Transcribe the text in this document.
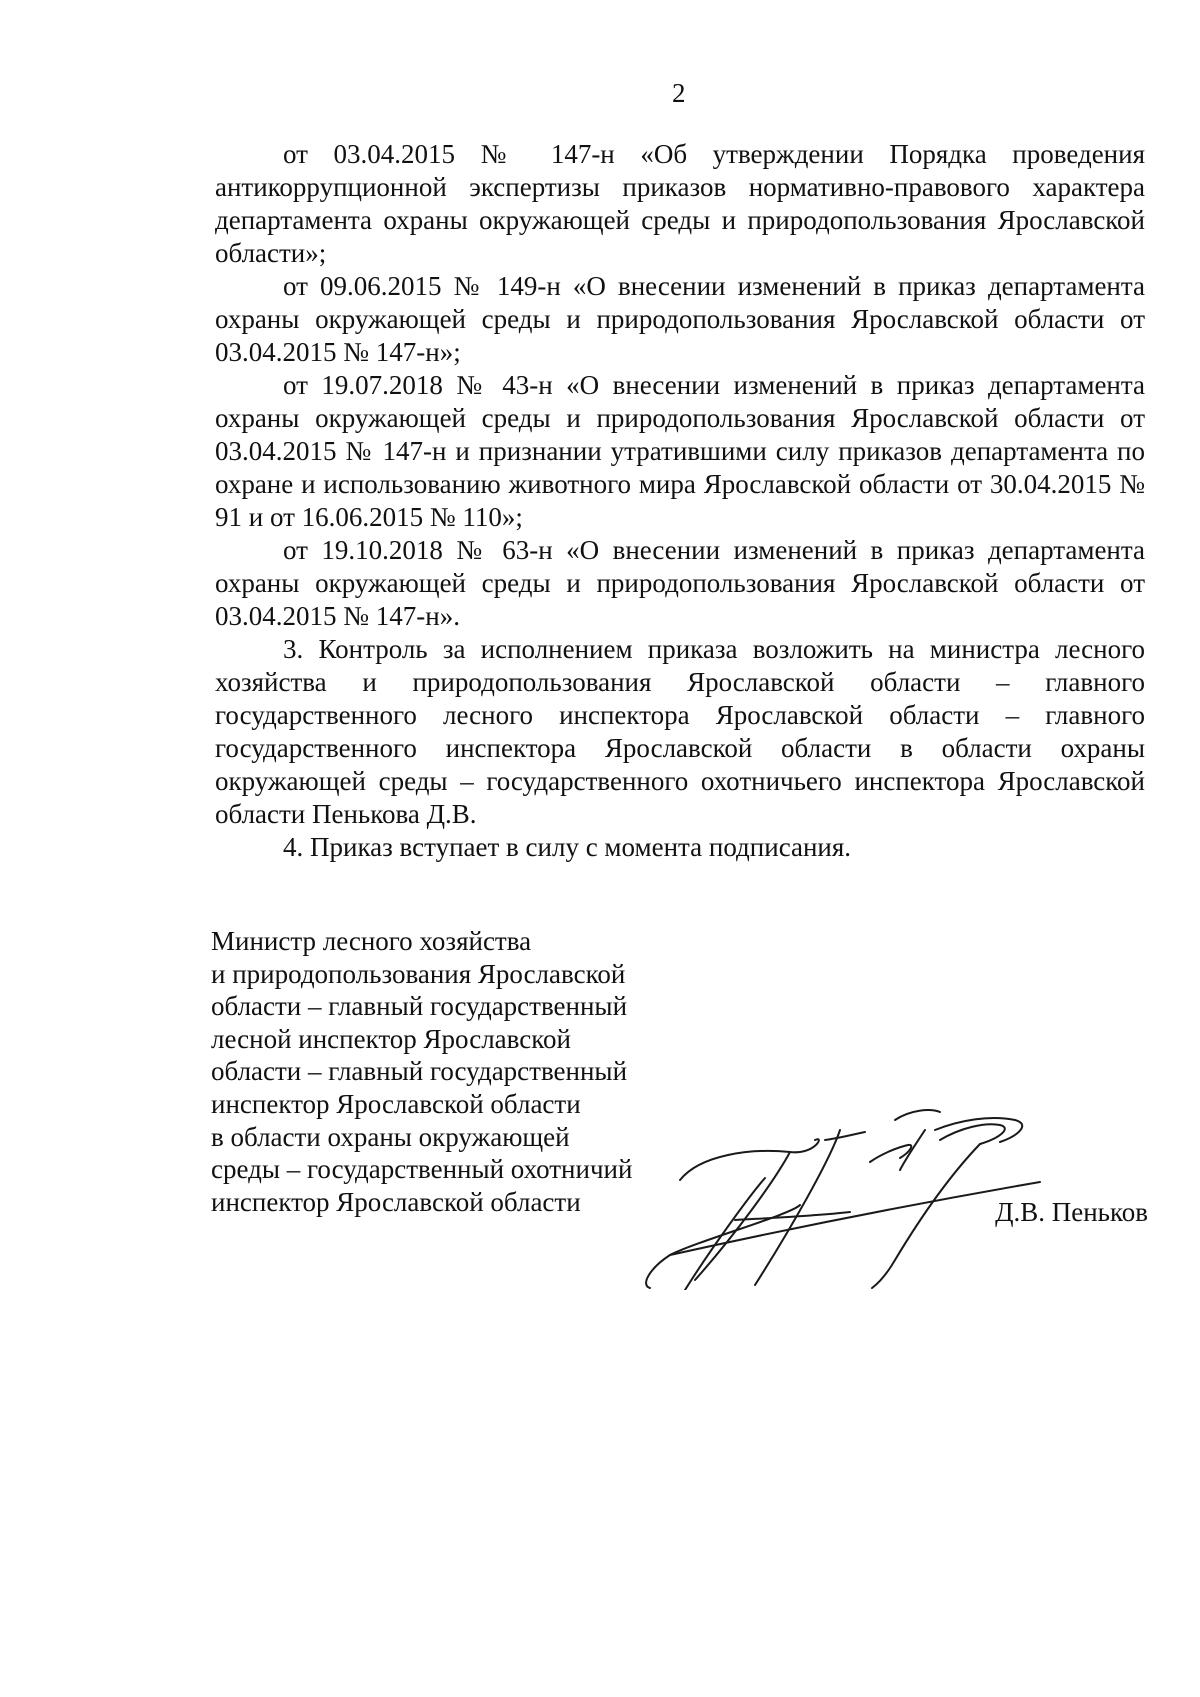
2

от 03.04.2015 № 147-н «Об утверждении Порядка проведения антикоррупционной экспертизы приказов нормативно-правового характера департамента охраны окружающей среды и природопользования Ярославской области»;

от 09.06.2015 № 149-н «О внесении изменений в приказ департамента охраны окружающей среды и природопользования Ярославской области от 03.04.2015 № 147-н»;

от 19.07.2018 № 43-н «О внесении изменений в приказ департамента охраны окружающей среды и природопользования Ярославской области от 03.04.2015 № 147-н и признании утратившими силу приказов департамента по охране и использованию животного мира Ярославской области от 30.04.2015 № 91 и от 16.06.2015 № 110»;

от 19.10.2018 № 63-н «О внесении изменений в приказ департамента охраны окружающей среды и природопользования Ярославской области от 03.04.2015 № 147-н».

3. Контроль за исполнением приказа возложить на министра лесного хозяйства и природопользования Ярославской области – главного государственного лесного инспектора Ярославской области – главного государственного инспектора Ярославской области в области охраны окружающей среды – государственного охотничьего инспектора Ярославской области Пенькова Д.В.

4. Приказ вступает в силу с момента подписания.

Министр лесного хозяйства
и природопользования Ярославской
области – главный государственный
лесной инспектор Ярославской
области – главный государственный
инспектор Ярославской области
в области охраны окружающей
среды – государственный охотничий
инспектор Ярославской области	Д.В. Пеньков
